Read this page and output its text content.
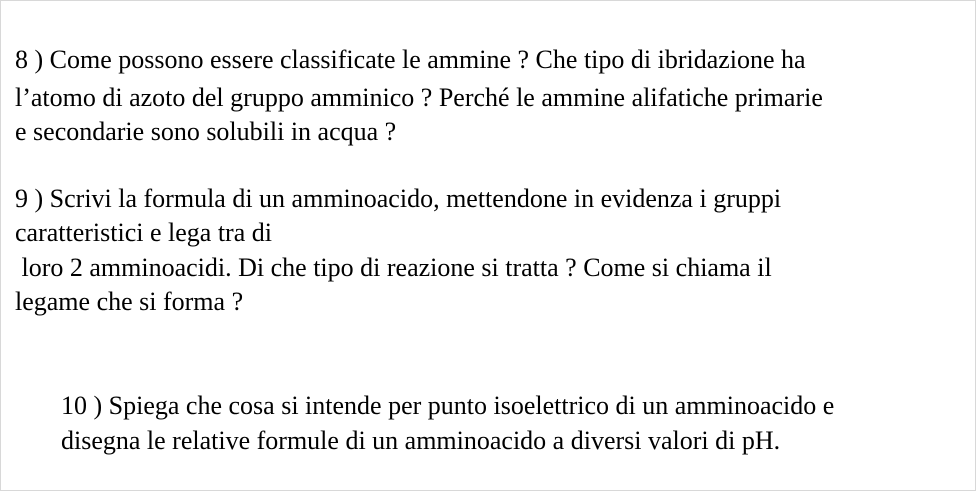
8 ) Come possono essere classificate le ammine ? Che tipo di ibridazione ha
l’atomo di azoto del gruppo amminico ? Perché le ammine alifatiche primarie
e secondarie sono solubili in acqua ?
9 ) Scrivi la formula di un amminoacido, mettendone in evidenza i gruppi
caratteristici e lega tra di
loro 2 amminoacidi. Di che tipo di reazione si tratta ? Come si chiama il
legame che si forma ?
10 ) Spiega che cosa si intende per punto isoelettrico di un amminoacido e
disegna le relative formule di un amminoacido a diversi valori di pH.
